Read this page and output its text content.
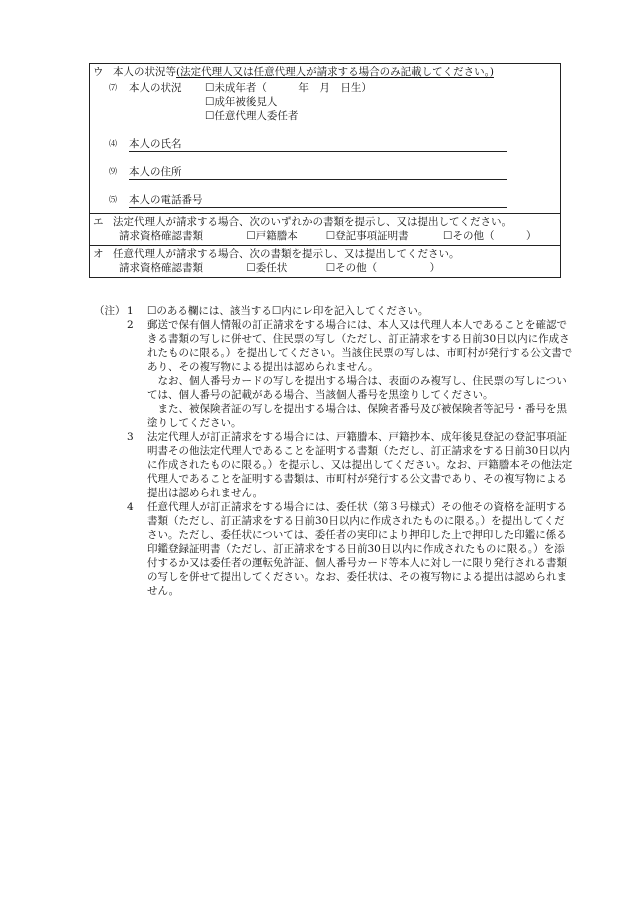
ウ 本人の状況等(法定代理人又は任意代理人が請求する場合のみ記載してください。)
⑺ 本人の状況 ☐未成年者（　　　年　月　日生）
☐成年被後見人
☐任意代理人委任者
⑷ 本人の氏名
⑼ 本人の住所
⑸ 本人の電話番号
エ 法定代理人が請求する場合、次のいずれかの書類を提示し、又は提出してください。
請求資格確認書類	☐戸籍謄本	☐登記事項証明書	☐その他（　　　）
オ 任意代理人が請求する場合、次の書類を提示し、又は提出してください。
請求資格確認書類	☐委任状	☐その他（　　　　　）
（注） 1	☐のある欄には、該当する☐内にレ印を記入してください。

2	郵送で保有個人情報の訂正請求をする場合には、本人又は代理人本人であることを確認できる書類の写しに併せて、住民票の写し（ただし、訂正請求をする日前30日以内に作成されたものに限る。）を提出してください。当該住民票の写しは、市町村が発行する公文書であり、その複写物による提出は認められません。

なお、個人番号カードの写しを提出する場合は、表面のみ複写し、住民票の写しについては、個人番号の記載がある場合、当該個人番号を黒塗りしてください。

また、被保険者証の写しを提出する場合は、保険者番号及び被保険者等記号・番号を黒塗りしてください。

3	法定代理人が訂正請求をする場合には、戸籍謄本、戸籍抄本、成年後見登記の登記事項証明書その他法定代理人であることを証明する書類（ただし、訂正請求をする日前30日以内に作成されたものに限る。）を提示し、又は提出してください。なお、戸籍謄本その他法定代理人であることを証明する書類は、市町村が発行する公文書であり、その複写物による提出は認められません。

4	任意代理人が訂正請求をする場合には、委任状（第３号様式）その他その資格を証明する書類（ただし、訂正請求をする日前30日以内に作成されたものに限る。）を提出してください。ただし、委任状については、委任者の実印により押印した上で押印した印鑑に係る印鑑登録証明書（ただし、訂正請求をする日前30日以内に作成されたものに限る。）を添付するか又は委任者の運転免許証、個人番号カード等本人に対し一に限り発行される書類の写しを併せて提出してください。なお、委任状は、その複写物による提出は認められません。
